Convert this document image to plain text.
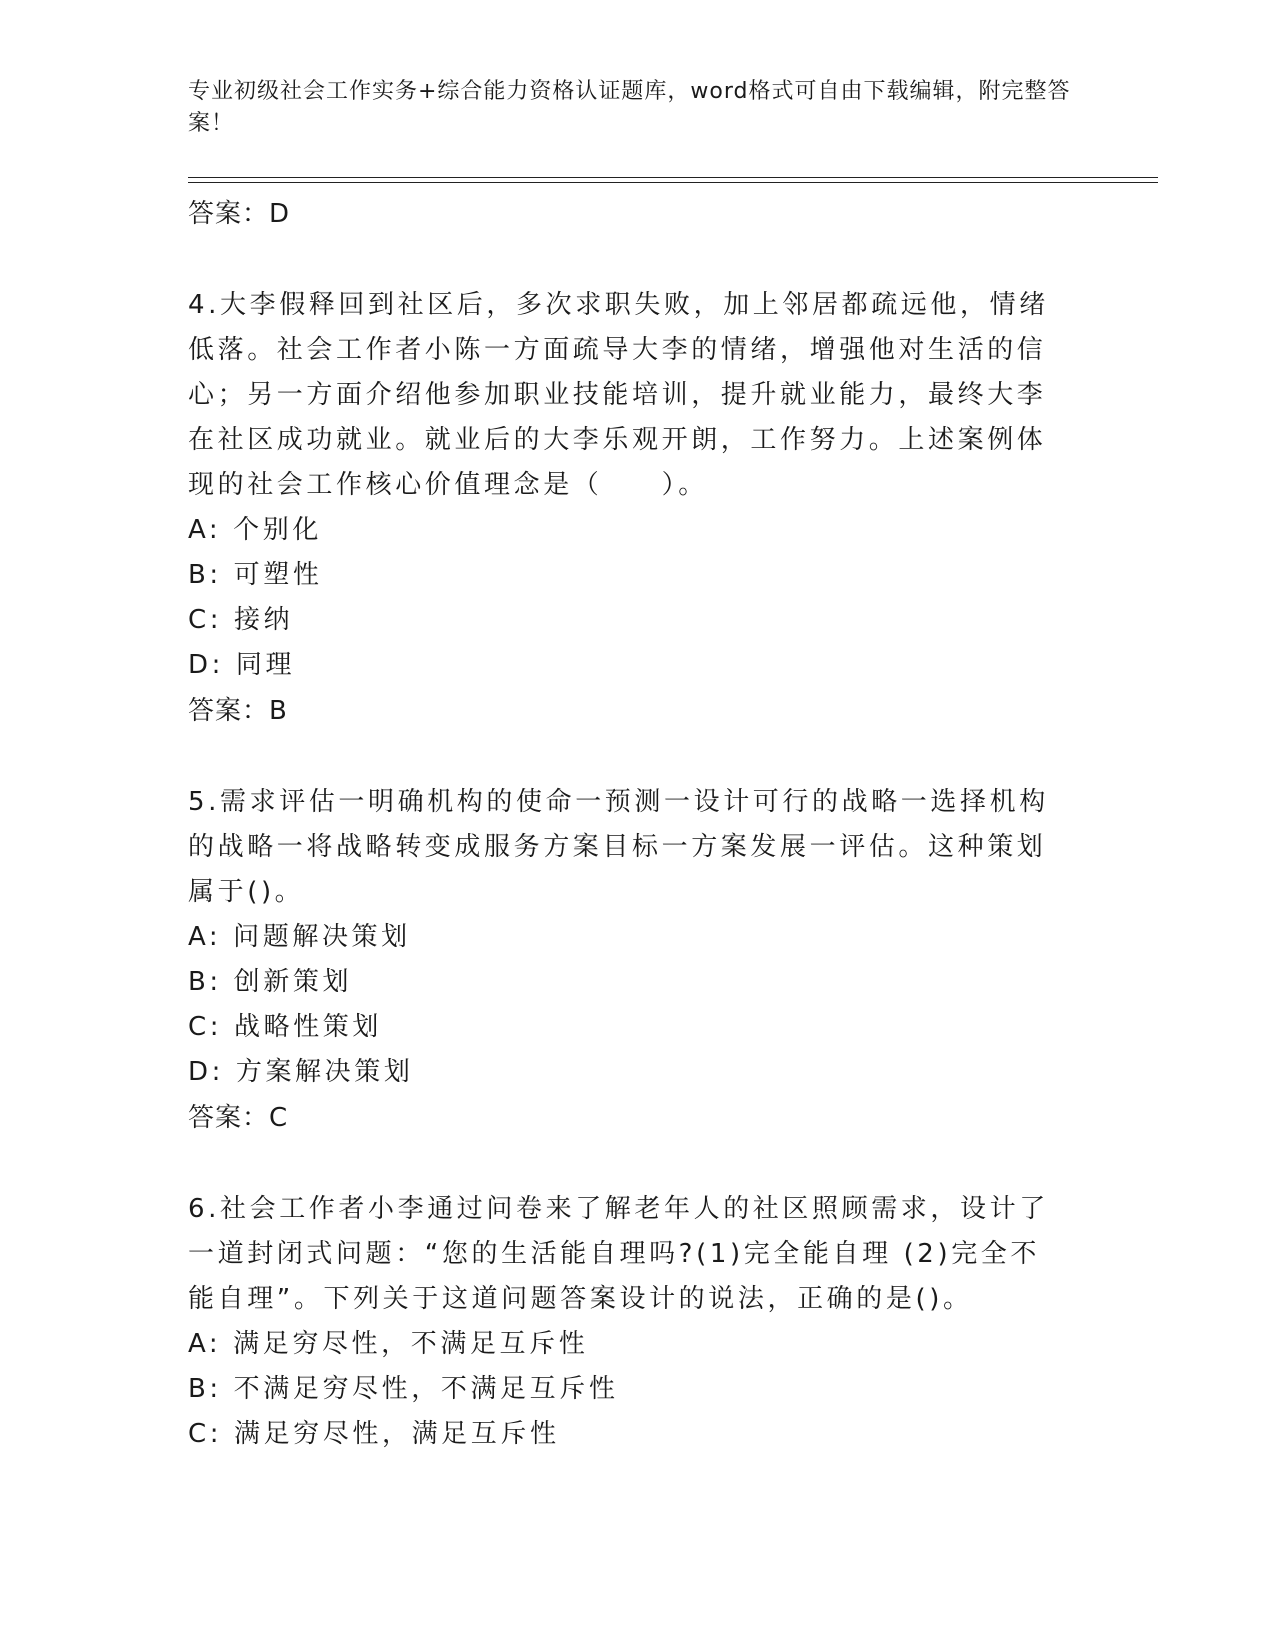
专业初级社会工作实务+综合能力资格认证题库，word格式可自由下载编辑，附完整答案！

答案：D

4.大李假释回到社区后，多次求职失败，加上邻居都疏远他，情绪低落。社会工作者小陈一方面疏导大李的情绪，增强他对生活的信心；另一方面介绍他参加职业技能培训，提升就业能力，最终大李在社区成功就业。就业后的大李乐观开朗，工作努力。上述案例体现的社会工作核心价值理念是（　　）。

A: 个别化

B: 可塑性

C: 接纳

D: 同理

答案：B

5.需求评估一明确机构的使命一预测一设计可行的战略一选择机构的战略一将战略转变成服务方案目标一方案发展一评估。这种策划属于()。

A: 问题解决策划

B: 创新策划

C: 战略性策划

D: 方案解决策划

答案：C

6.社会工作者小李通过问卷来了解老年人的社区照顾需求，设计了一道封闭式问题：“您的生活能自理吗?(1)完全能自理 (2)完全不能自理”。下列关于这道问题答案设计的说法，正确的是()。

A: 满足穷尽性，不满足互斥性

B: 不满足穷尽性，不满足互斥性

C: 满足穷尽性，满足互斥性
